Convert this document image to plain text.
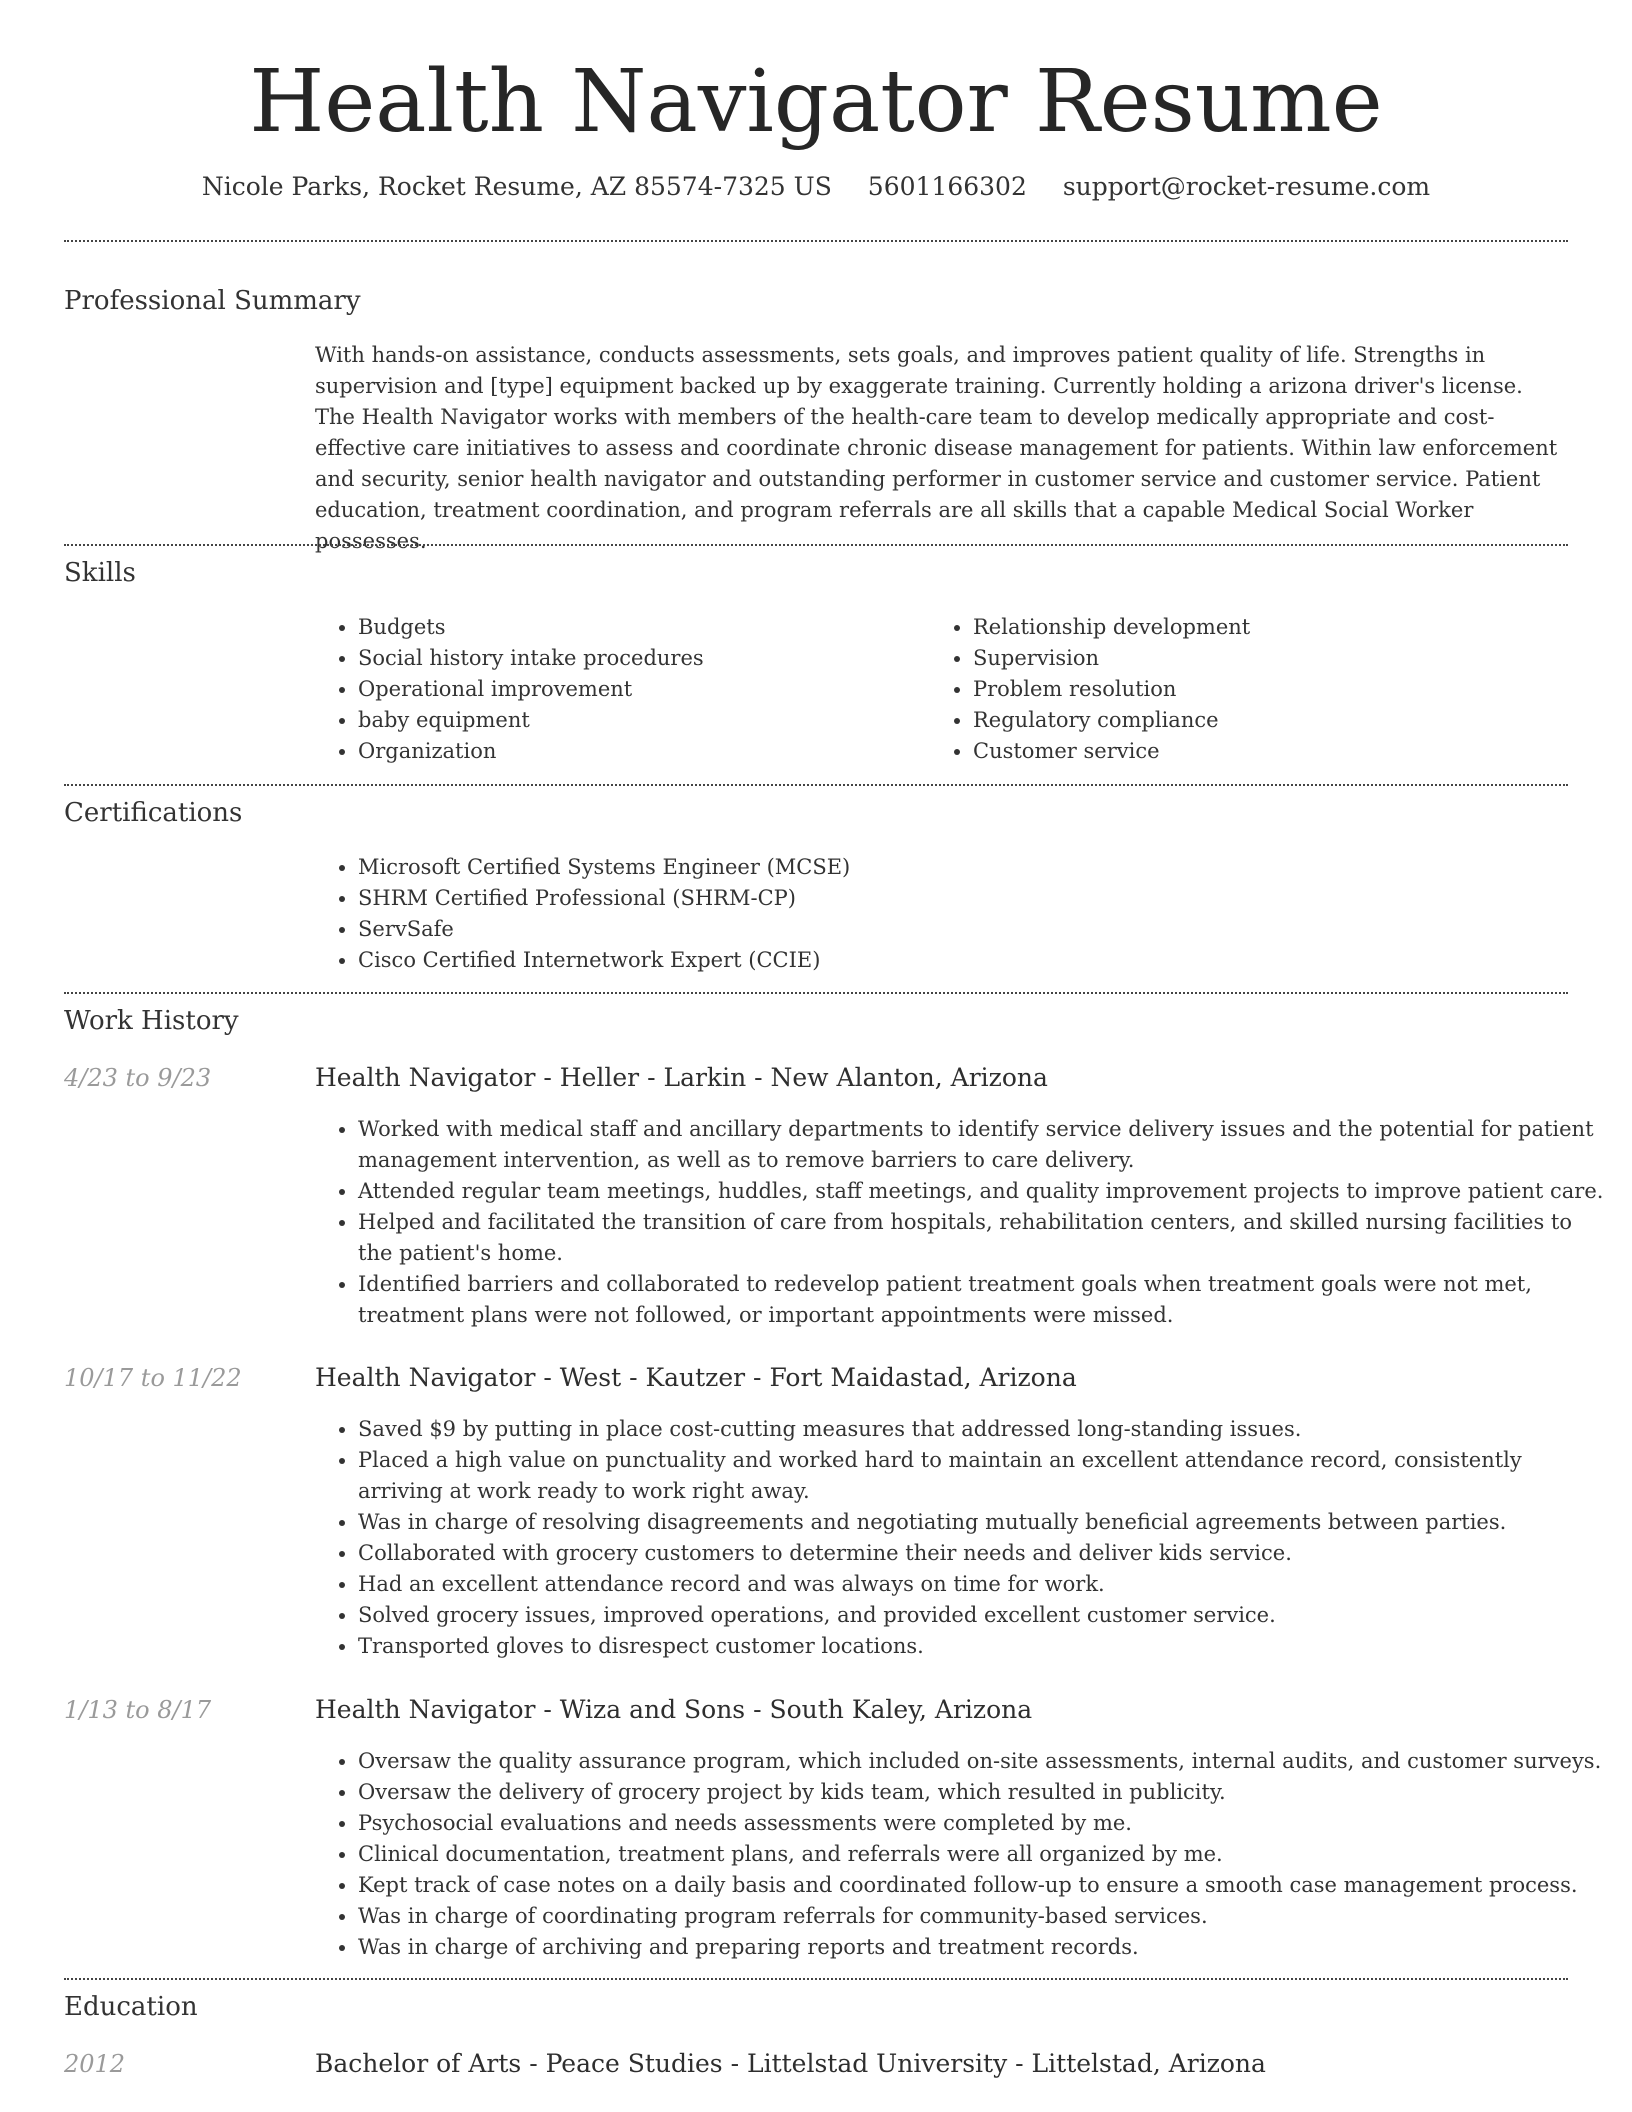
Health Navigator Resume
Nicole Parks, Rocket Resume, AZ 85574-7325 US 5601166302 support@rocket-resume.com
Professional Summary
With hands-on assistance, conducts assessments, sets goals, and improves patient quality of life. Strengths in supervision and [type] equipment backed up by exaggerate training. Currently holding a arizona driver's license. The Health Navigator works with members of the health-care team to develop medically appropriate and cost-effective care initiatives to assess and coordinate chronic disease management for patients. Within law enforcement and security, senior health navigator and outstanding performer in customer service and customer service. Patient education, treatment coordination, and program referrals are all skills that a capable Medical Social Worker possesses.
Skills
• Budgets
• Social history intake procedures
• Operational improvement
• baby equipment
• Organization
• Relationship development
• Supervision
• Problem resolution
• Regulatory compliance
• Customer service
Certifications
• Microsoft Certified Systems Engineer (MCSE)
• SHRM Certified Professional (SHRM-CP)
• ServSafe
• Cisco Certified Internetwork Expert (CCIE)
Work History
4/23 to 9/23	Health Navigator - Heller - Larkin - New Alanton, Arizona
• Worked with medical staff and ancillary departments to identify service delivery issues and the potential for patient management intervention, as well as to remove barriers to care delivery.
• Attended regular team meetings, huddles, staff meetings, and quality improvement projects to improve patient care.
• Helped and facilitated the transition of care from hospitals, rehabilitation centers, and skilled nursing facilities to the patient's home.
• Identified barriers and collaborated to redevelop patient treatment goals when treatment goals were not met, treatment plans were not followed, or important appointments were missed.
10/17 to 11/22	Health Navigator - West - Kautzer - Fort Maidastad, Arizona
• Saved $9 by putting in place cost-cutting measures that addressed long-standing issues.
• Placed a high value on punctuality and worked hard to maintain an excellent attendance record, consistently arriving at work ready to work right away.
• Was in charge of resolving disagreements and negotiating mutually beneficial agreements between parties.
• Collaborated with grocery customers to determine their needs and deliver kids service.
• Had an excellent attendance record and was always on time for work.
• Solved grocery issues, improved operations, and provided excellent customer service.
• Transported gloves to disrespect customer locations.
1/13 to 8/17	Health Navigator - Wiza and Sons - South Kaley, Arizona
• Oversaw the quality assurance program, which included on-site assessments, internal audits, and customer surveys.
• Oversaw the delivery of grocery project by kids team, which resulted in publicity.
• Psychosocial evaluations and needs assessments were completed by me.
• Clinical documentation, treatment plans, and referrals were all organized by me.
• Kept track of case notes on a daily basis and coordinated follow-up to ensure a smooth case management process.
• Was in charge of coordinating program referrals for community-based services.
• Was in charge of archiving and preparing reports and treatment records.
Education
2012	Bachelor of Arts - Peace Studies - Littelstad University - Littelstad, Arizona
